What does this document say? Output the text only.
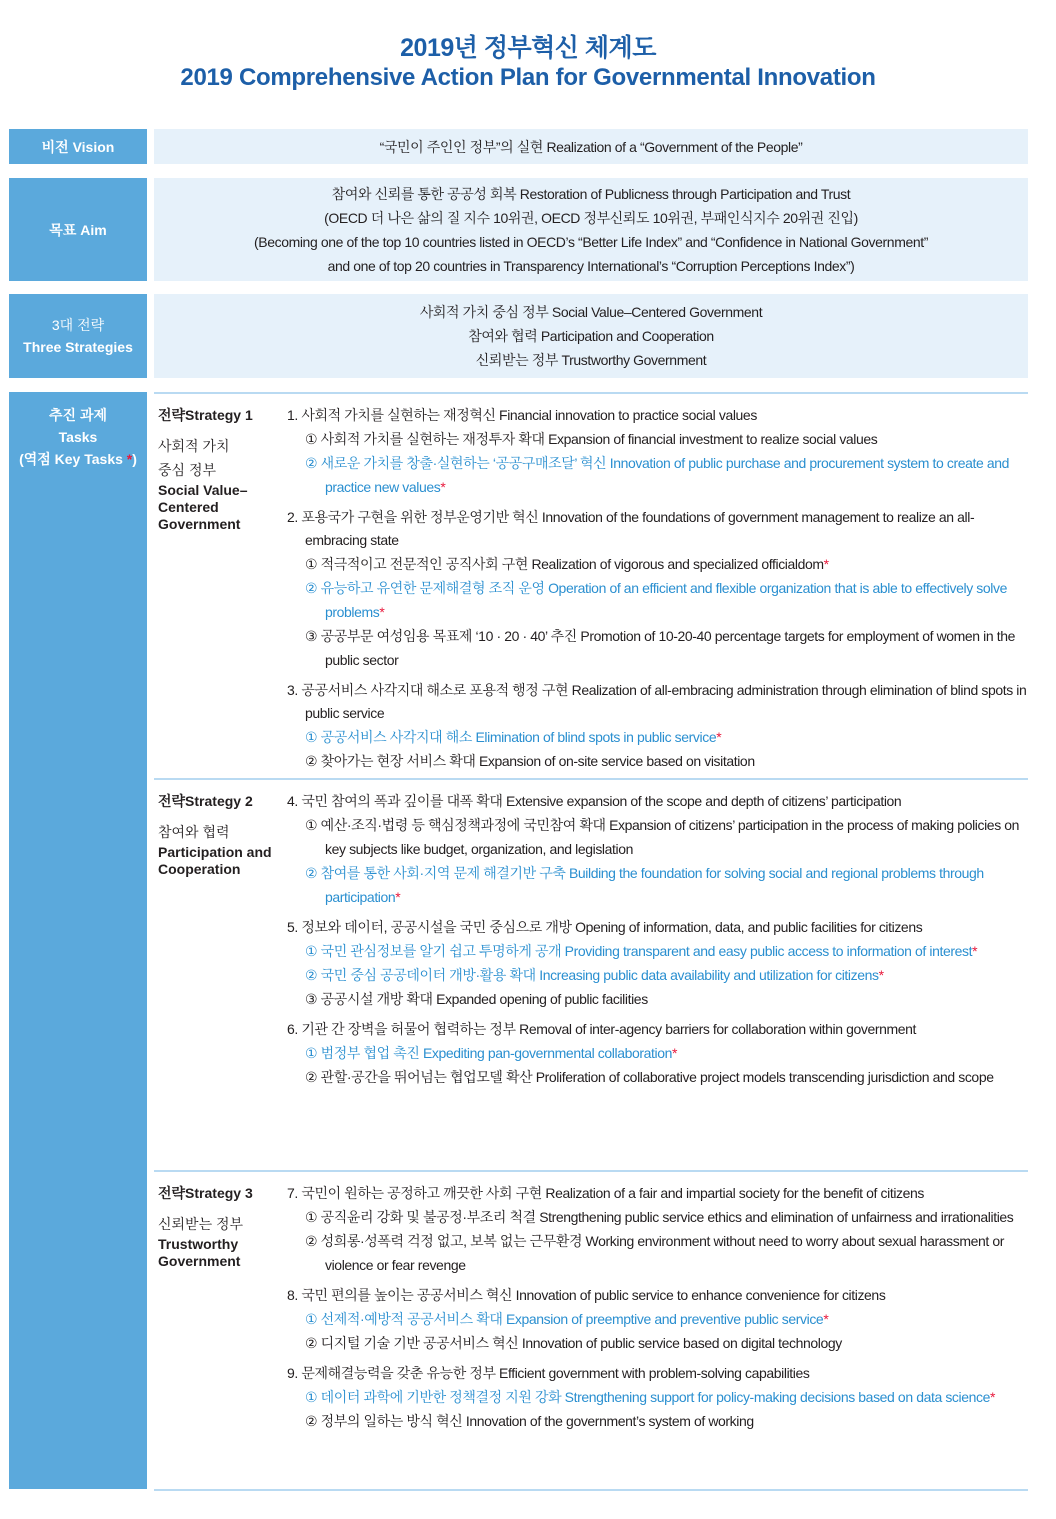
2019년 정부혁신 체계도
2019 Comprehensive Action Plan for Governmental Innovation
비전 Vision	“국민이 주인인 정부”의 실현 Realization of a “Government of the People”
목표 Aim
참여와 신뢰를 통한 공공성 회복 Restoration of Publicness through Participation and Trust
(OECD 더 나은 삶의 질 지수 10위권, OECD 정부신뢰도 10위권, 부패인식지수 20위권 진입)
(Becoming one of the top 10 countries listed in OECD’s “Better Life Index” and “Confidence in National Government”
and one of top 20 countries in Transparency International’s “Corruption Perceptions Index”)
3대 전략
Three Strategies
사회적 가치 중심 정부 Social Value–Centered Government
참여와 협력 Participation and Cooperation
신뢰받는 정부 Trustworthy Government
추진 과제
Tasks
(역점 Key Tasks *)
전략Strategy 1
사회적 가치
중심 정부
Social Value– Centered Government
1. 사회적 가치를 실현하는 재정혁신 Financial innovation to practice social values
① 사회적 가치를 실현하는 재정투자 확대 Expansion of financial investment to realize social values
② 새로운 가치를 창출·실현하는 ‘공공구매조달’ 혁신 Innovation of public purchase and procurement system to create and practice new values*
2. 포용국가 구현을 위한 정부운영기반 혁신 Innovation of the foundations of government management to realize an all-embracing state
① 적극적이고 전문적인 공직사회 구현 Realization of vigorous and specialized officialdom*
② 유능하고 유연한 문제해결형 조직 운영 Operation of an efficient and flexible organization that is able to effectively solve problems*
③ 공공부문 여성임용 목표제 ‘10 · 20 · 40’ 추진 Promotion of 10-20-40 percentage targets for employment of women in the public sector
3. 공공서비스 사각지대 해소로 포용적 행정 구현 Realization of all-embracing administration through elimination of blind spots in public service
① 공공서비스 사각지대 해소 Elimination of blind spots in public service*
② 찾아가는 현장 서비스 확대 Expansion of on-site service based on visitation
전략Strategy 2
참여와 협력
Participation and Cooperation
4. 국민 참여의 폭과 깊이를 대폭 확대 Extensive expansion of the scope and depth of citizens’ participation
① 예산·조직·법령 등 핵심정책과정에 국민참여 확대 Expansion of citizens’ participation in the process of making policies on key subjects like budget, organization, and legislation
② 참여를 통한 사회·지역 문제 해결기반 구축 Building the foundation for solving social and regional problems through participation*
5. 정보와 데이터, 공공시설을 국민 중심으로 개방 Opening of information, data, and public facilities for citizens
① 국민 관심정보를 알기 쉽고 투명하게 공개 Providing transparent and easy public access to information of interest*
② 국민 중심 공공데이터 개방·활용 확대 Increasing public data availability and utilization for citizens*
③ 공공시설 개방 확대 Expanded opening of public facilities
6. 기관 간 장벽을 허물어 협력하는 정부 Removal of inter-agency barriers for collaboration within government
① 범정부 협업 촉진 Expediting pan-governmental collaboration*
② 관할·공간을 뛰어넘는 협업모델 확산 Proliferation of collaborative project models transcending jurisdiction and scope
전략Strategy 3
신뢰받는 정부
Trustworthy Government
7. 국민이 원하는 공정하고 깨끗한 사회 구현 Realization of a fair and impartial society for the benefit of citizens
① 공직윤리 강화 및 불공정·부조리 척결 Strengthening public service ethics and elimination of unfairness and irrationalities
② 성희롱·성폭력 걱정 없고, 보복 없는 근무환경 Working environment without need to worry about sexual harassment or violence or fear revenge
8. 국민 편의를 높이는 공공서비스 혁신 Innovation of public service to enhance convenience for citizens
① 선제적·예방적 공공서비스 확대 Expansion of preemptive and preventive public service*
② 디지털 기술 기반 공공서비스 혁신 Innovation of public service based on digital technology
9. 문제해결능력을 갖춘 유능한 정부 Efficient government with problem-solving capabilities
① 데이터 과학에 기반한 정책결정 지원 강화 Strengthening support for policy-making decisions based on data science*
② 정부의 일하는 방식 혁신 Innovation of the government’s system of working
